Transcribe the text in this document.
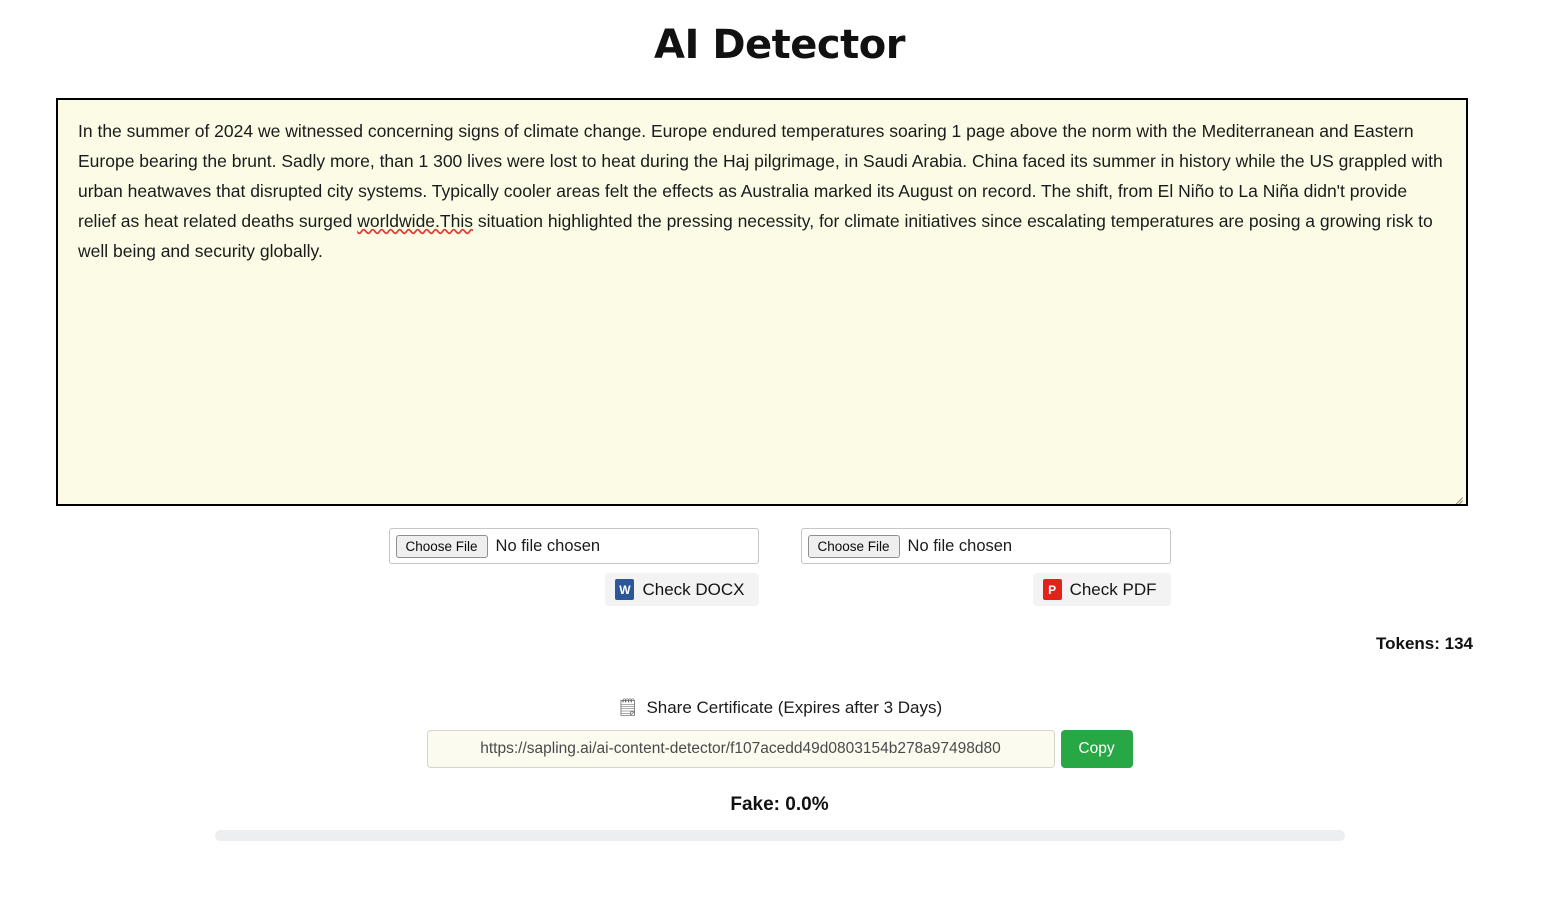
AI Detector

In the summer of 2024 we witnessed concerning signs of climate change. Europe endured temperatures soaring 1 page above the norm with the Mediterranean and Eastern Europe bearing the brunt. Sadly more, than 1 300 lives were lost to heat during the Haj pilgrimage, in Saudi Arabia. China faced its summer in history while the US grappled with urban heatwaves that disrupted city systems. Typically cooler areas felt the effects as Australia marked its August on record. The shift, from El Niño to La Niña didn't provide relief as heat related deaths surged worldwide.This situation highlighted the pressing necessity, for climate initiatives since escalating temperatures are posing a growing risk to well being and security globally.

Choose File	No file chosen
W Check DOCX
Choose File	No file chosen
P Check PDF
Tokens: 134
🗒 Share Certificate (Expires after 3 Days)
https://sapling.ai/ai-content-detector/f107acedd49d0803154b278a97498d80	Copy
Fake: 0.0%
